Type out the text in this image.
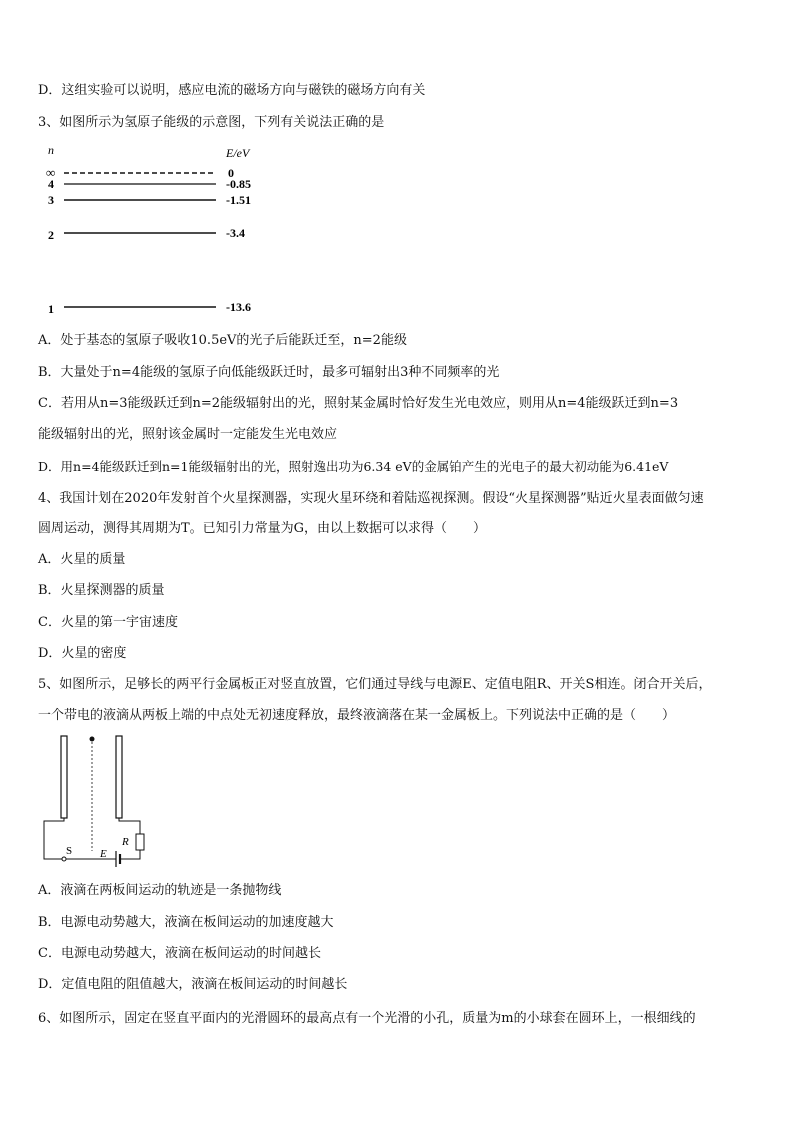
D．这组实验可以说明，感应电流的磁场方向与磁铁的磁场方向有关
3、如图所示为氢原子能级的示意图，下列有关说法正确的是
n	E/eV
∞	0
4	-0.85
3	-1.51
2	-3.4
1	-13.6
A．处于基态的氢原子吸收10.5eV的光子后能跃迁至，n=2能级
B．大量处于n=4能级的氢原子向低能级跃迁时，最多可辐射出3种不同频率的光
C．若用从n=3能级跃迁到n=2能级辐射出的光，照射某金属时恰好发生光电效应，则用从n=4能级跃迁到n=3
能级辐射出的光，照射该金属时一定能发生光电效应
D．用n=4能级跃迁到n=1能级辐射出的光，照射逸出功为6.34 eV的金属铂产生的光电子的最大初动能为6.41eV
4、我国计划在2020年发射首个火星探测器，实现火星环绕和着陆巡视探测。假设“火星探测器”贴近火星表面做匀速
圆周运动，测得其周期为T。已知引力常量为G，由以上数据可以求得（　　）
A．火星的质量
B．火星探测器的质量
C．火星的第一宇宙速度
D．火星的密度
5、如图所示，足够长的两平行金属板正对竖直放置，它们通过导线与电源E、定值电阻R、开关S相连。闭合开关后，
一个带电的液滴从两板上端的中点处无初速度释放，最终液滴落在某一金属板上。下列说法中正确的是（　　）
S	E
R
A．液滴在两板间运动的轨迹是一条抛物线
B．电源电动势越大，液滴在板间运动的加速度越大
C．电源电动势越大，液滴在板间运动的时间越长
D．定值电阻的阻值越大，液滴在板间运动的时间越长
6、如图所示，固定在竖直平面内的光滑圆环的最高点有一个光滑的小孔，质量为m的小球套在圆环上，一根细线的
